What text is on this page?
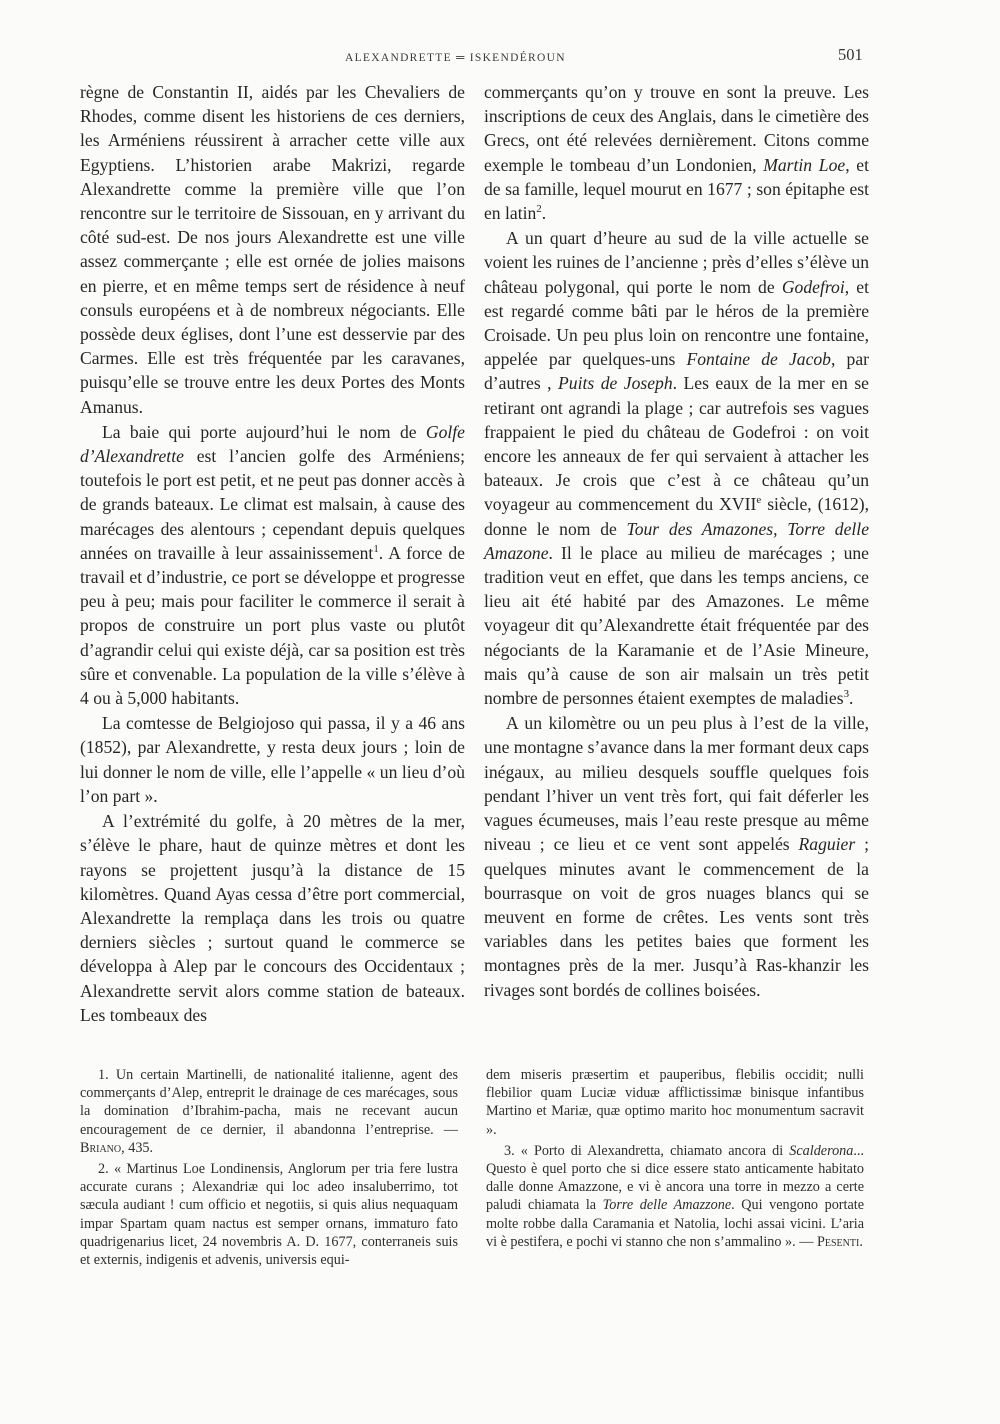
ALEXANDRETTE ═ ISKENDÉROUN	501

règne de Constantin II, aidés par les Chevaliers de Rhodes, comme disent les historiens de ces derniers, les Arméniens réussirent à arracher cette ville aux Egyptiens. L’historien arabe Makrizi, regarde Alexandrette comme la première ville que l’on rencontre sur le territoire de Sissouan, en y arrivant du côté sud-est. De nos jours Alexandrette est une ville assez commerçante ; elle est ornée de jolies maisons en pierre, et en même temps sert de résidence à neuf consuls européens et à de nombreux négociants. Elle possède deux églises, dont l’une est desservie par des Carmes. Elle est très fréquentée par les caravanes, puisqu’elle se trouve entre les deux Portes des Monts Amanus.

La baie qui porte aujourd’hui le nom de Golfe d’Alexandrette est l’ancien golfe des Arméniens; toutefois le port est petit, et ne peut pas donner accès à de grands bateaux. Le climat est malsain, à cause des marécages des alentours ; cependant depuis quelques années on travaille à leur assainissement$^1$. A force de travail et d’industrie, ce port se développe et progresse peu à peu; mais pour faciliter le commerce il serait à propos de construire un port plus vaste ou plutôt d’agrandir celui qui existe déjà, car sa position est très sûre et convenable. La population de la ville s’élève à 4 ou à 5,000 habitants.

La comtesse de Belgiojoso qui passa, il y a 46 ans (1852), par Alexandrette, y resta deux jours ; loin de lui donner le nom de ville, elle l’appelle « un lieu d’où l’on part ».

A l’extrémité du golfe, à 20 mètres de la mer, s’élève le phare, haut de quinze mètres et dont les rayons se projettent jusqu’à la distance de 15 kilomètres. Quand Ayas cessa d’être port commercial, Alexandrette la remplaça dans les trois ou quatre derniers siècles ; surtout quand le commerce se développa à Alep par le concours des Occidentaux ; Alexandrette servit alors comme station de bateaux. Les tombeaux des

commerçants qu’on y trouve en sont la preuve. Les inscriptions de ceux des Anglais, dans le cimetière des Grecs, ont été relevées dernièrement. Citons comme exemple le tombeau d’un Londonien, Martin Loe, et de sa famille, lequel mourut en 1677 ; son épitaphe est en latin$^2$.

A un quart d’heure au sud de la ville actuelle se voient les ruines de l’ancienne ; près d’elles s’élève un château polygonal, qui porte le nom de Godefroi, et est regardé comme bâti par le héros de la première Croisade. Un peu plus loin on rencontre une fontaine, appelée par quelques-uns Fontaine de Jacob, par d’autres , Puits de Joseph. Les eaux de la mer en se retirant ont agrandi la plage ; car autrefois ses vagues frappaient le pied du château de Godefroi : on voit encore les anneaux de fer qui servaient à attacher les bateaux. Je crois que c’est à ce château qu’un voyageur au commencement du XVIIe siècle, (1612), donne le nom de Tour des Amazones, Torre delle Amazone. Il le place au milieu de marécages ; une tradition veut en effet, que dans les temps anciens, ce lieu ait été habité par des Amazones. Le même voyageur dit qu’Alexandrette était fréquentée par des négociants de la Karamanie et de l’Asie Mineure, mais qu’à cause de son air malsain un très petit nombre de personnes étaient exemptes de maladies$^3$.

A un kilomètre ou un peu plus à l’est de la ville, une montagne s’avance dans la mer formant deux caps inégaux, au milieu desquels souffle quelques fois pendant l’hiver un vent très fort, qui fait déferler les vagues écumeuses, mais l’eau reste presque au même niveau ; ce lieu et ce vent sont appelés Raguier ; quelques minutes avant le commencement de la bourrasque on voit de gros nuages blancs qui se meuvent en forme de crêtes. Les vents sont très variables dans les petites baies que forment les montagnes près de la mer. Jusqu’à Ras-khanzir les rivages sont bordés de collines boisées.

1. Un certain Martinelli, de nationalité italienne, agent des commerçants d’Alep, entreprit le drainage de ces marécages, sous la domination d’Ibrahim-pacha, mais ne recevant aucun encouragement de ce dernier, il abandonna l’entreprise. — Briano, 435.

2. « Martinus Loe Londinensis, Anglorum per tria fere lustra accurate curans ; Alexandriæ qui loc adeo insaluberrimo, tot sæcula audiant ! cum officio et negotiis, si quis alius nequaquam impar Spartam quam nactus est semper ornans, immaturo fato quadrigenarius licet, 24 novembris A. D. 1677, conterraneis suis et externis, indigenis et advenis, universis equi-

dem miseris præsertim et pauperibus, flebilis occidit; nulli flebilior quam Luciæ viduæ afflictissimæ binisque infantibus Martino et Mariæ, quæ optimo marito hoc monumentum sacravit ».

3. « Porto di Alexandretta, chiamato ancora di Scalderona... Questo è quel porto che si dice essere stato anticamente habitato dalle donne Amazzone, e vi è ancora una torre in mezzo a certe paludi chiamata la Torre delle Amazzone. Qui vengono portate molte robbe dalla Caramania et Natolia, lochi assai vicini. L’aria vi è pestifera, e pochi vi stanno che non s’ammalino ». — Pesenti.
